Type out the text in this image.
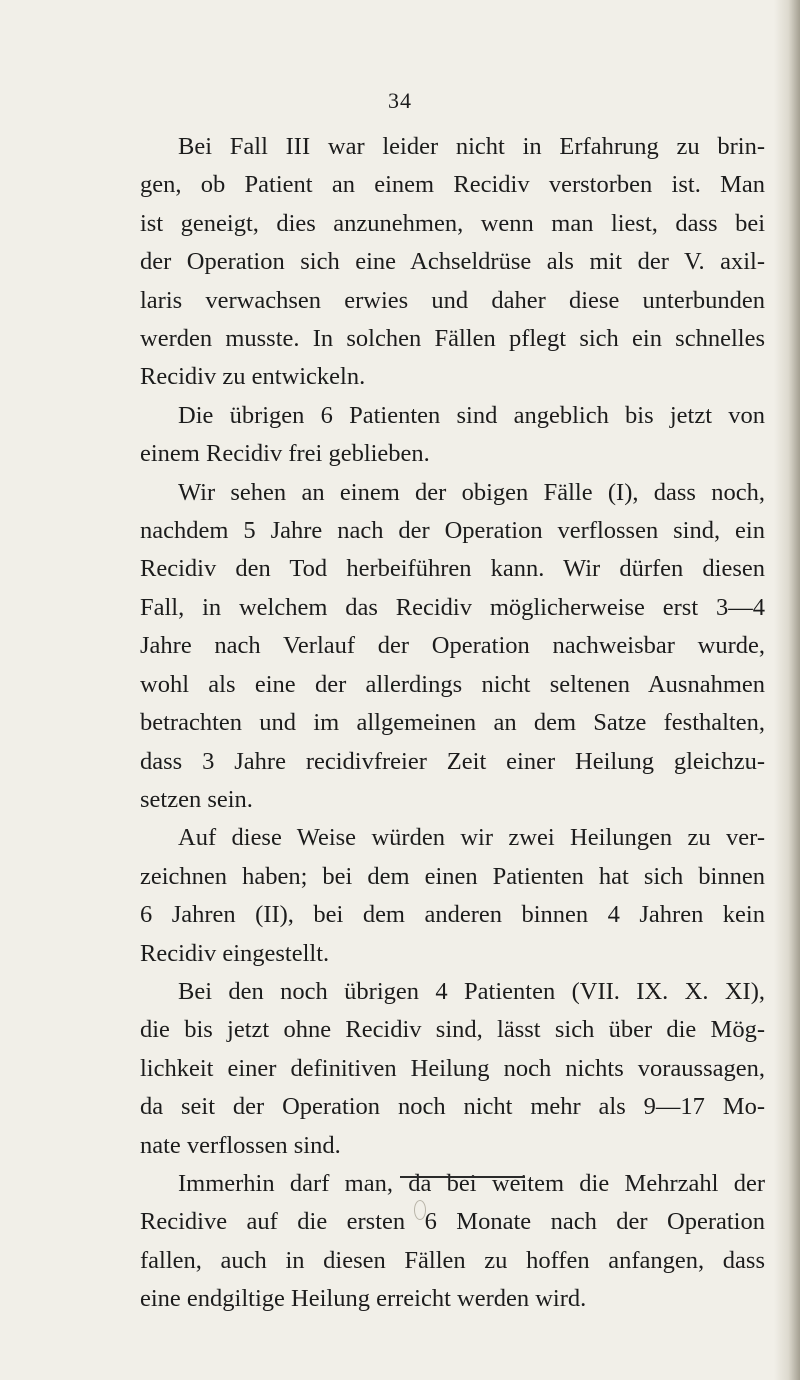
34

Bei Fall III war leider nicht in Erfahrung zu brin-
gen, ob Patient an einem Recidiv verstorben ist. Man
ist geneigt, dies anzunehmen, wenn man liest, dass bei
der Operation sich eine Achseldrüse als mit der V. axil-
laris verwachsen erwies und daher diese unterbunden
werden musste. In solchen Fällen pflegt sich ein schnelles
Recidiv zu entwickeln.

Die übrigen 6 Patienten sind angeblich bis jetzt von
einem Recidiv frei geblieben.

Wir sehen an einem der obigen Fälle (I), dass noch,
nachdem 5 Jahre nach der Operation verflossen sind, ein
Recidiv den Tod herbeiführen kann. Wir dürfen diesen
Fall, in welchem das Recidiv möglicherweise erst 3—4
Jahre nach Verlauf der Operation nachweisbar wurde,
wohl als eine der allerdings nicht seltenen Ausnahmen
betrachten und im allgemeinen an dem Satze festhalten,
dass 3 Jahre recidivfreier Zeit einer Heilung gleichzu-
setzen sein.

Auf diese Weise würden wir zwei Heilungen zu ver-
zeichnen haben; bei dem einen Patienten hat sich binnen
6 Jahren (II), bei dem anderen binnen 4 Jahren kein
Recidiv eingestellt.

Bei den noch übrigen 4 Patienten (VII. IX. X. XI),
die bis jetzt ohne Recidiv sind, lässt sich über die Mög-
lichkeit einer definitiven Heilung noch nichts voraussagen,
da seit der Operation noch nicht mehr als 9—17 Mo-
nate verflossen sind.

Immerhin darf man, da bei weitem die Mehrzahl der
Recidive auf die ersten 6 Monate nach der Operation
fallen, auch in diesen Fällen zu hoffen anfangen, dass
eine endgiltige Heilung erreicht werden wird.
